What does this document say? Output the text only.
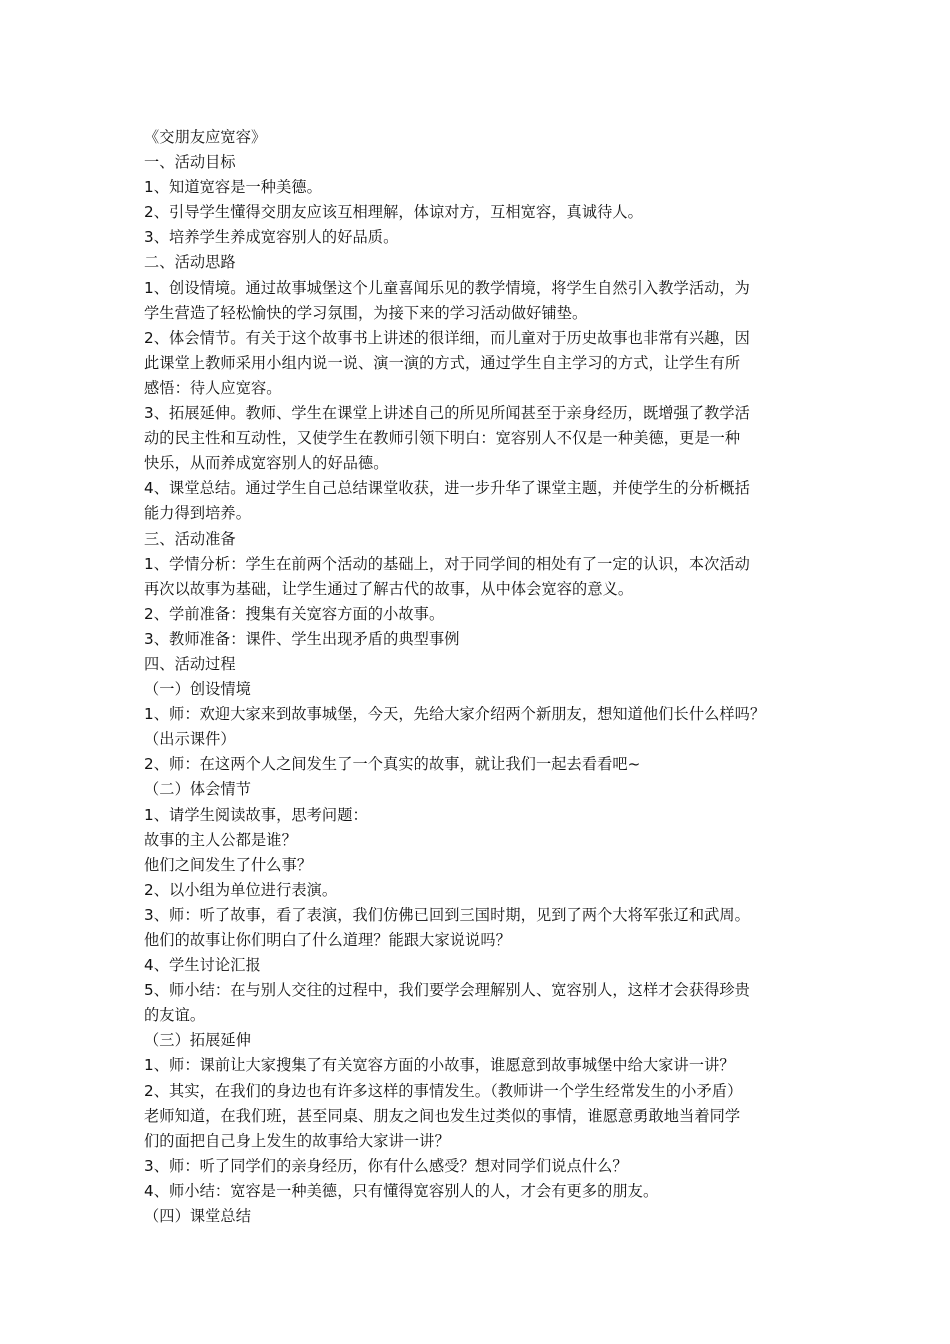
《交朋友应宽容》
一、活动目标
1、知道宽容是一种美德。
2、引导学生懂得交朋友应该互相理解，体谅对方，互相宽容，真诚待人。
3、培养学生养成宽容别人的好品质。
二、活动思路
1、创设情境。通过故事城堡这个儿童喜闻乐见的教学情境，将学生自然引入教学活动，为
学生营造了轻松愉快的学习氛围，为接下来的学习活动做好铺垫。
2、体会情节。有关于这个故事书上讲述的很详细，而儿童对于历史故事也非常有兴趣，因
此课堂上教师采用小组内说一说、演一演的方式，通过学生自主学习的方式，让学生有所
感悟：待人应宽容。
3、拓展延伸。教师、学生在课堂上讲述自己的所见所闻甚至于亲身经历，既增强了教学活
动的民主性和互动性，又使学生在教师引领下明白：宽容别人不仅是一种美德，更是一种
快乐，从而养成宽容别人的好品德。
4、课堂总结。通过学生自己总结课堂收获，进一步升华了课堂主题，并使学生的分析概括
能力得到培养。
三、活动准备
1、学情分析：学生在前两个活动的基础上，对于同学间的相处有了一定的认识，本次活动
再次以故事为基础，让学生通过了解古代的故事，从中体会宽容的意义。
2、学前准备：搜集有关宽容方面的小故事。
3、教师准备：课件、学生出现矛盾的典型事例
四、活动过程
（一）创设情境
1、师：欢迎大家来到故事城堡，今天，先给大家介绍两个新朋友，想知道他们长什么样吗？
（出示课件）
2、师：在这两个人之间发生了一个真实的故事，就让我们一起去看看吧~
（二）体会情节
1、请学生阅读故事，思考问题：
故事的主人公都是谁？
他们之间发生了什么事？
2、以小组为单位进行表演。
3、师：听了故事，看了表演，我们仿佛已回到三国时期，见到了两个大将军张辽和武周。
他们的故事让你们明白了什么道理？能跟大家说说吗？
4、学生讨论汇报
5、师小结：在与别人交往的过程中，我们要学会理解别人、宽容别人，这样才会获得珍贵
的友谊。
（三）拓展延伸
1、师：课前让大家搜集了有关宽容方面的小故事，谁愿意到故事城堡中给大家讲一讲？
2、其实，在我们的身边也有许多这样的事情发生。（教师讲一个学生经常发生的小矛盾）
老师知道，在我们班，甚至同桌、朋友之间也发生过类似的事情，谁愿意勇敢地当着同学
们的面把自己身上发生的故事给大家讲一讲？
3、师：听了同学们的亲身经历，你有什么感受？想对同学们说点什么？
4、师小结：宽容是一种美德，只有懂得宽容别人的人，才会有更多的朋友。
（四）课堂总结
